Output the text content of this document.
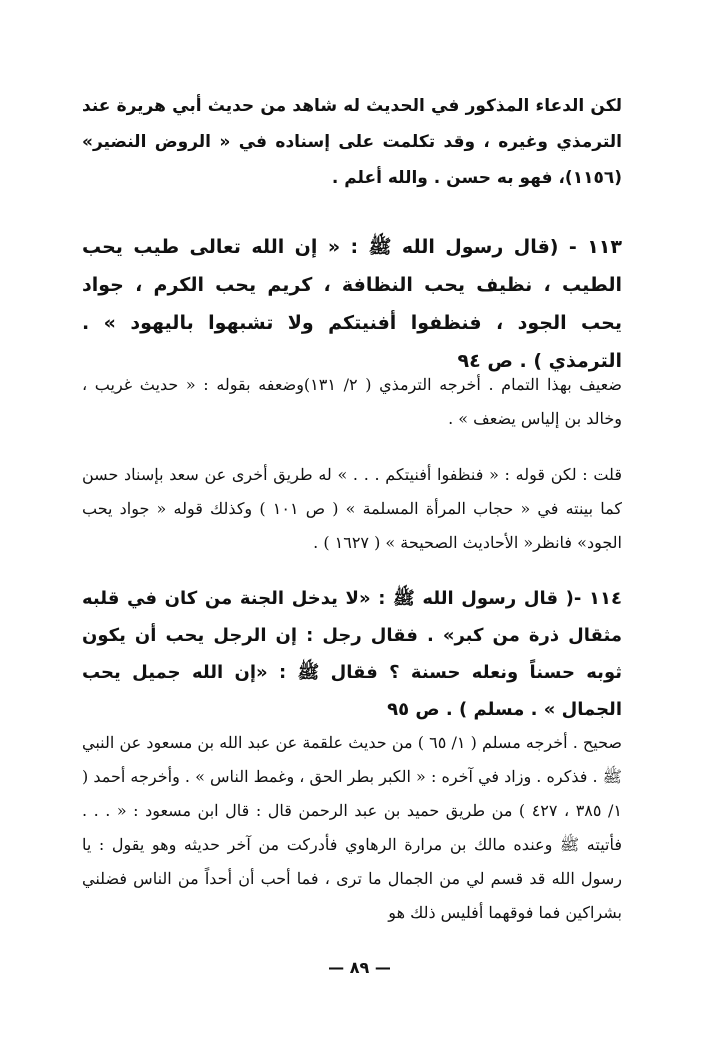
لكن الدعاء المذكور في الحديث له شاهد من حديث أبي هريرة عند الترمذي وغيره ، وقد تكلمت على إسناده في « الروض النضير» (١١٥٦)، فهو به حسن . والله أعلم .

١١٣ - (قال رسول الله ﷺ : « إن الله تعالى طيب يحب الطيب ، نظيف يحب النظافة ، كريم يحب الكرم ، جواد يحب الجود ، فنظفوا أفنيتكم ولا تشبهوا باليهود » . الترمذي ) . ص ٩٤

ضعيف بهذا التمام . أخرجه الترمذي ( ٢/ ١٣١)وضعفه بقوله : « حديث غريب ، وخالد بن إلياس يضعف » .

قلت : لكن قوله : « فنظفوا أفنيتكم . . . » له طريق أخرى عن سعد بإسناد حسن كما بينته في « حجاب المرأة المسلمة » ( ص ١٠١ ) وكذلك قوله « جواد يحب الجود» فانظر« الأحاديث الصحيحة » ( ١٦٢٧ ) .

١١٤ -( قال رسول الله ﷺ : «لا يدخل الجنة من كان في قلبه مثقال ذرة من كبر» . فقال رجل : إن الرجل يحب أن يكون ثوبه حسناً ونعله حسنة ؟ فقال ﷺ : «إن الله جميل يحب الجمال » . مسلم ) . ص ٩٥

صحيح . أخرجه مسلم ( ١/ ٦٥ ) من حديث علقمة عن عبد الله بن مسعود عن النبي ﷺ . فذكره . وزاد في آخره : « الكبر بطر الحق ، وغمط الناس » . وأخرجه أحمد ( ١/ ٣٨٥ ، ٤٢٧ ) من طريق حميد بن عبد الرحمن قال : قال ابن مسعود : « . . . فأتيته ﷺ وعنده مالك بن مرارة الرهاوي فأدركت من آخر حديثه وهو يقول : يا رسول الله قد قسم لي من الجمال ما ترى ، فما أحب أن أحداً من الناس فضلني بشراكين فما فوقهما أفليس ذلك هو

— ٨٩ —
